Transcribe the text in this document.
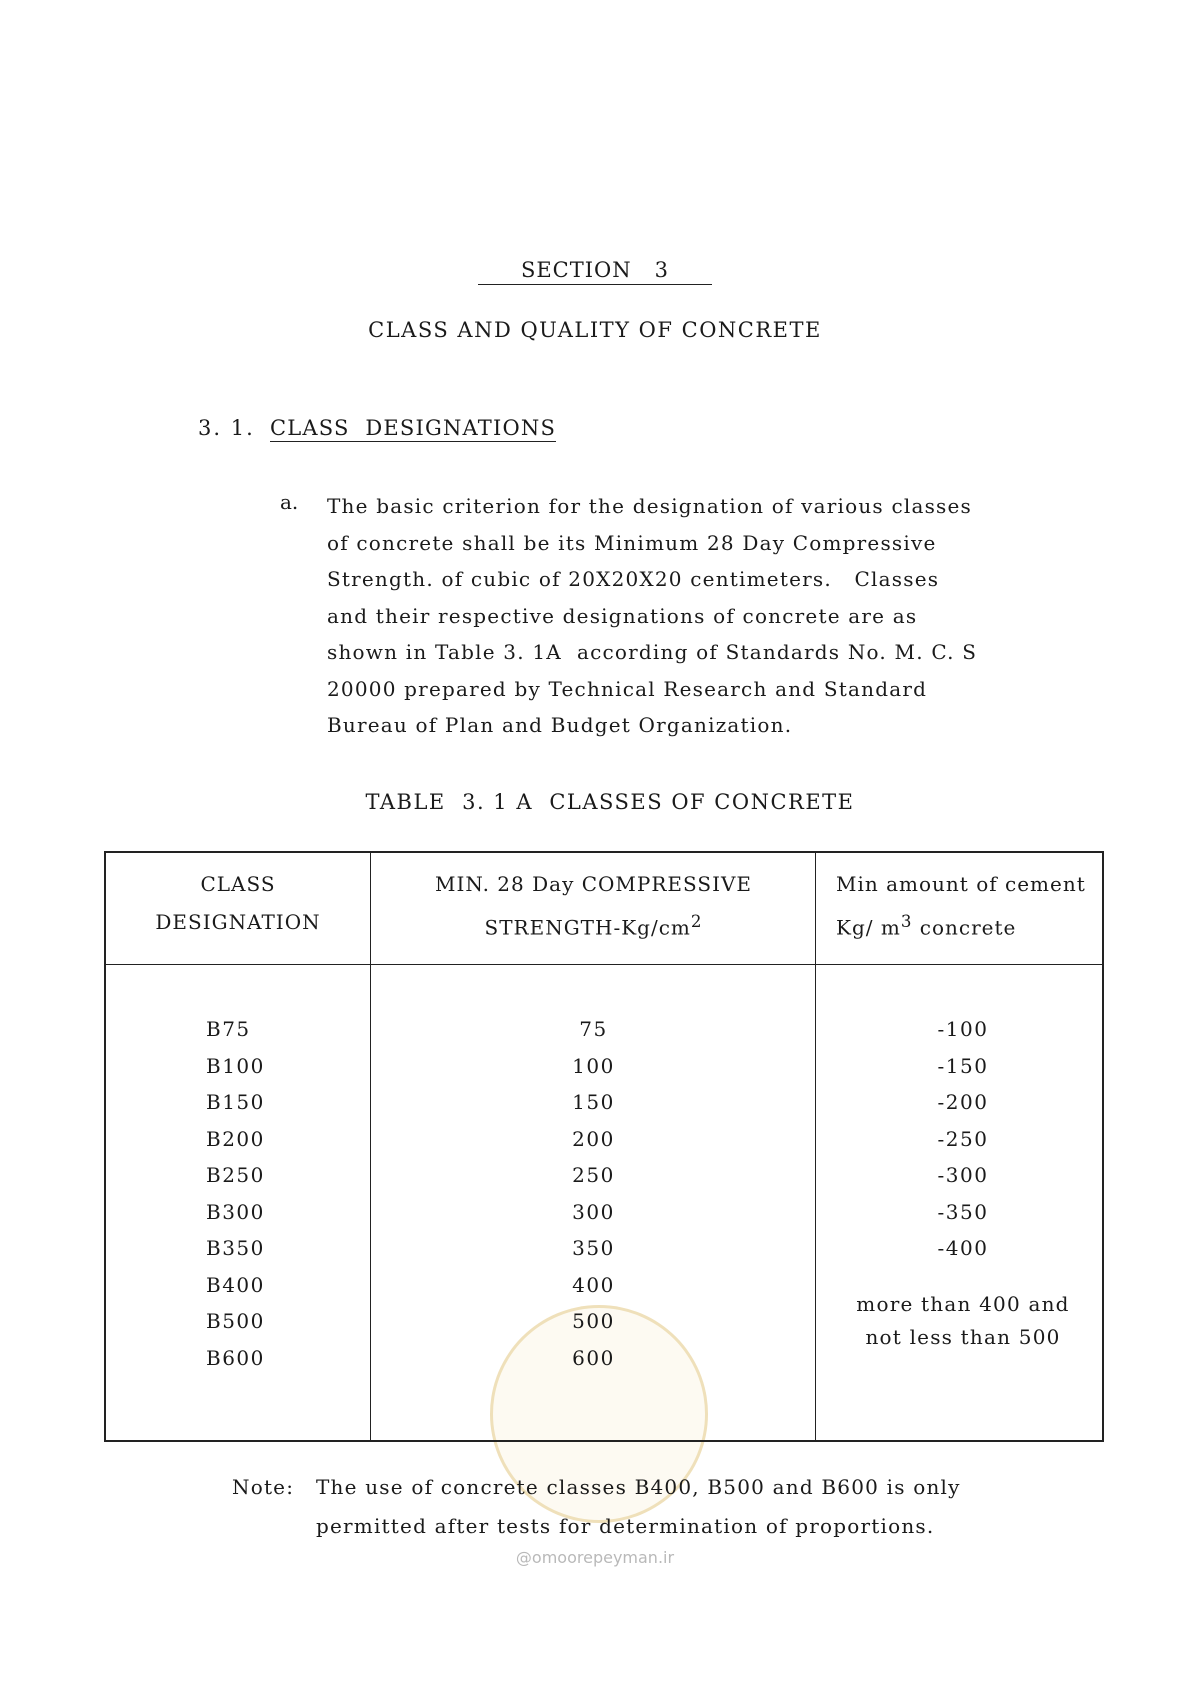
SECTION   3
CLASS AND QUALITY OF CONCRETE
3. 1. CLASS  DESIGNATIONS
a. The basic criterion for the designation of various classes
of concrete shall be its Minimum 28 Day Compressive
Strength. of cubic of 20X20X20 centimeters.   Classes
and their respective designations of concrete are as
shown in Table 3. 1A  according of Standards No. M. C. S
20000 prepared by Technical Research and Standard
Bureau of Plan and Budget Organization.
TABLE  3. 1 A  CLASSES OF CONCRETE
CLASS
DESIGNATION
MIN. 28 Day COMPRESSIVE
STRENGTH-$Kg/cm^2$
Min amount of cement
Kg/ $m^3$ concrete
B75
B100
B150
B200
B250
B300
B350
B400
B500
B600
75
100
150
200
250
300
350
400
500
600
-100
-150
-200
-250
-300
-350
-400
more than 400 and
not less than 500
Note: The use of concrete classes B400, B500 and B600 is only
permitted after tests for determination of proportions.
@omoorepeyman.ir
